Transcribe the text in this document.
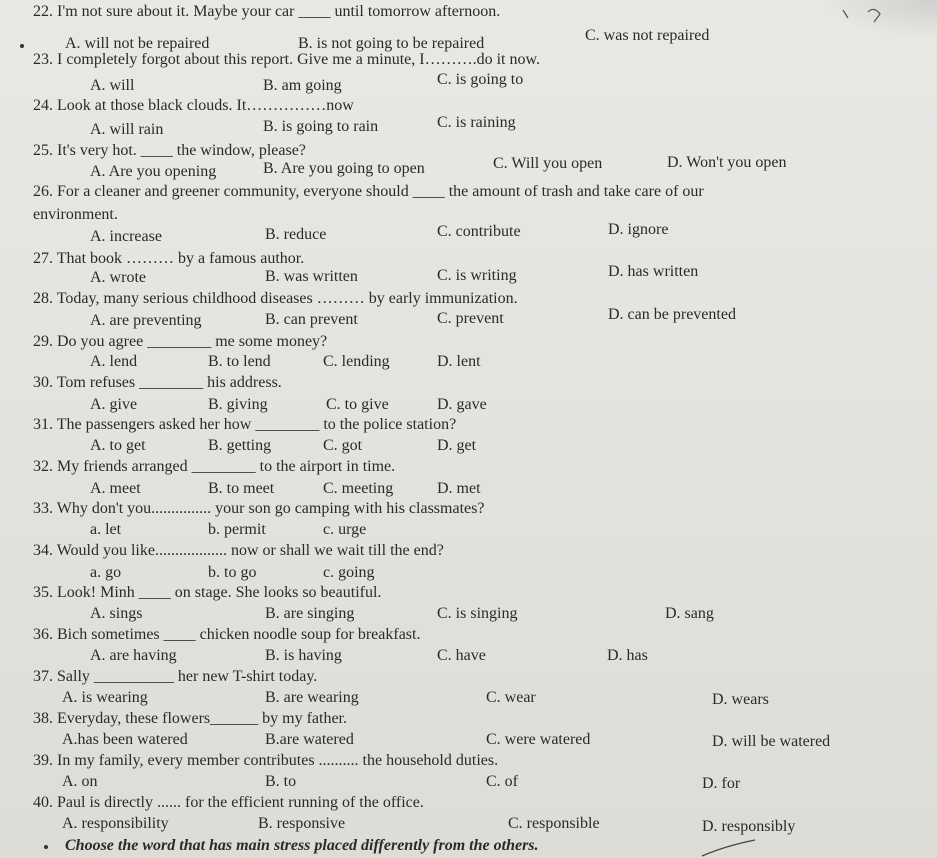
22. I'm not sure about it. Maybe your car ____ until tomorrow afternoon.
A. will not be repaired	B. is not going to be repaired	C. was not repaired
23. I completely forgot about this report. Give me a minute, I……….do it now.
A. will	B. am going	C. is going to
24. Look at those black clouds. It……………now
A. will rain	B. is going to rain	C. is raining
25. It's very hot. ____ the window, please?
A. Are you opening	B. Are you going to open	C. Will you open	D. Won't you open
26. For a cleaner and greener community, everyone should ____ the amount of trash and take care of our
environment.
A. increase	B. reduce	C. contribute	D. ignore
27. That book ……… by a famous author.
A. wrote	B. was written	C. is writing	D. has written
28. Today, many serious childhood diseases ……… by early immunization.
A. are preventing	B. can prevent	C. prevent	D. can be prevented
29. Do you agree ________ me some money?
A. lend	B. to lend	C. lending	D. lent
30. Tom refuses ________ his address.
A. give	B. giving	C. to give	D. gave
31. The passengers asked her how ________ to the police station?
A. to get	B. getting	C. got	D. get
32. My friends arranged ________ to the airport in time.
A. meet	B. to meet	C. meeting	D. met
33. Why don't you............... your son go camping with his classmates?
a. let	b. permit	c. urge
34. Would you like.................. now or shall we wait till the end?
a. go	b. to go	c. going
35. Look! Minh ____ on stage. She looks so beautiful.
A. sings	B. are singing	C. is singing	D. sang
36. Bich sometimes ____ chicken noodle soup for breakfast.
A. are having	B. is having	C. have	D. has
37. Sally __________ her new T-shirt today.
A. is wearing	B. are wearing	C. wear	D. wears
38. Everyday, these flowers______ by my father.
A.has been watered	B.are watered	C. were watered	D. will be watered
39. In my family, every member contributes .......... the household duties.
A. on	B. to	C. of	D. for
40. Paul is directly ...... for the efficient running of the office.
A. responsibility	B. responsive	C. responsible	D. responsibly
Choose the word that has main stress placed differently from the others.
